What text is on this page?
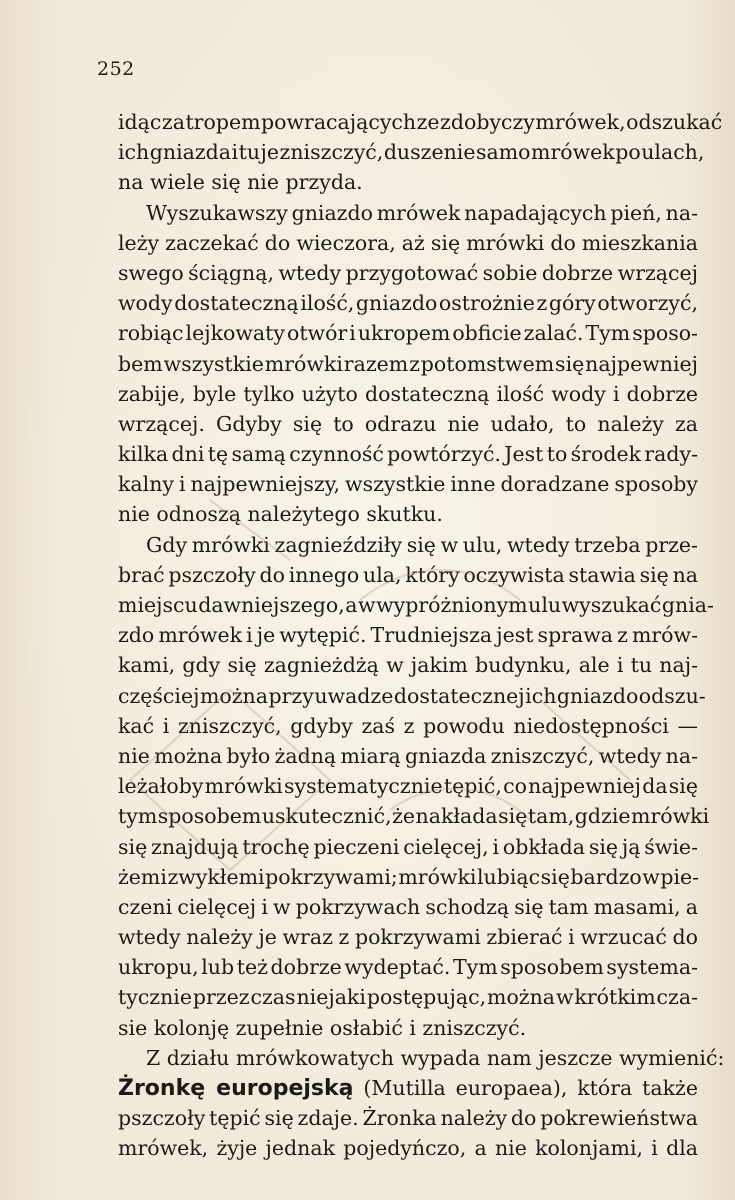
252
idąc za tropem powracających ze zdobyczy mrówek, odszukać
ich gniazda i tu je zniszczyć, duszenie samo mrówek po ulach,
na wiele się nie przyda.
Wyszukawszy gniazdo mrówek napadających pień, na-
leży zaczekać do wieczora, aż się mrówki do mieszkania
swego ściągną, wtedy przygotować sobie dobrze wrzącej
wody dostateczną ilość, gniazdo ostrożnie z góry otworzyć,
robiąc lejkowaty otwór i ukropem obficie zalać. Tym sposo-
bem wszystkie mrówki razem z potomstwem się najpewniej
zabije, byle tylko użyto dostateczną ilość wody i dobrze
wrzącej. Gdyby się to odrazu nie udało, to należy za
kilka dni tę samą czynność powtórzyć. Jest to środek rady-
kalny i najpewniejszy, wszystkie inne doradzane sposoby
nie odnoszą należytego skutku.
Gdy mrówki zagnieździły się w ulu, wtedy trzeba prze-
brać pszczoły do innego ula, który oczywista stawia się na
miejscu dawniejszego, a w wypróżnionym ulu wyszukać gnia-
zdo mrówek i je wytępić. Trudniejsza jest sprawa z mrów-
kami, gdy się zagnieżdżą w jakim budynku, ale i tu naj-
częściej można przy uwadze dostatecznej ich gniazdo odszu-
kać i zniszczyć, gdyby zaś z powodu niedostępności —
nie można było żadną miarą gniazda zniszczyć, wtedy na-
leżałoby mrówki systematycznie tępić, co najpewniej da się
tym sposobem uskutecznić, że nakłada się tam, gdzie mrówki
się znajdują trochę pieczeni cielęcej, i obkłada się ją świe-
żemi zwykłemi pokrzywami; mrówki lubiąc się bardzo w pie-
czeni cielęcej i w pokrzywach schodzą się tam masami, a
wtedy należy je wraz z pokrzywami zbierać i wrzucać do
ukropu, lub też dobrze wydeptać. Tym sposobem systema-
tycznie przez czas niejaki postępując, można w krótkim cza-
sie kolonję zupełnie osłabić i zniszczyć.
Z działu mrówkowatych wypada nam jeszcze wymienić:
Żronkę europejską (Mutilla europaea), która także
pszczoły tępić się zdaje. Żronka należy do pokrewieństwa
mrówek, żyje jednak pojedyńczo, a nie kolonjami, i dla
